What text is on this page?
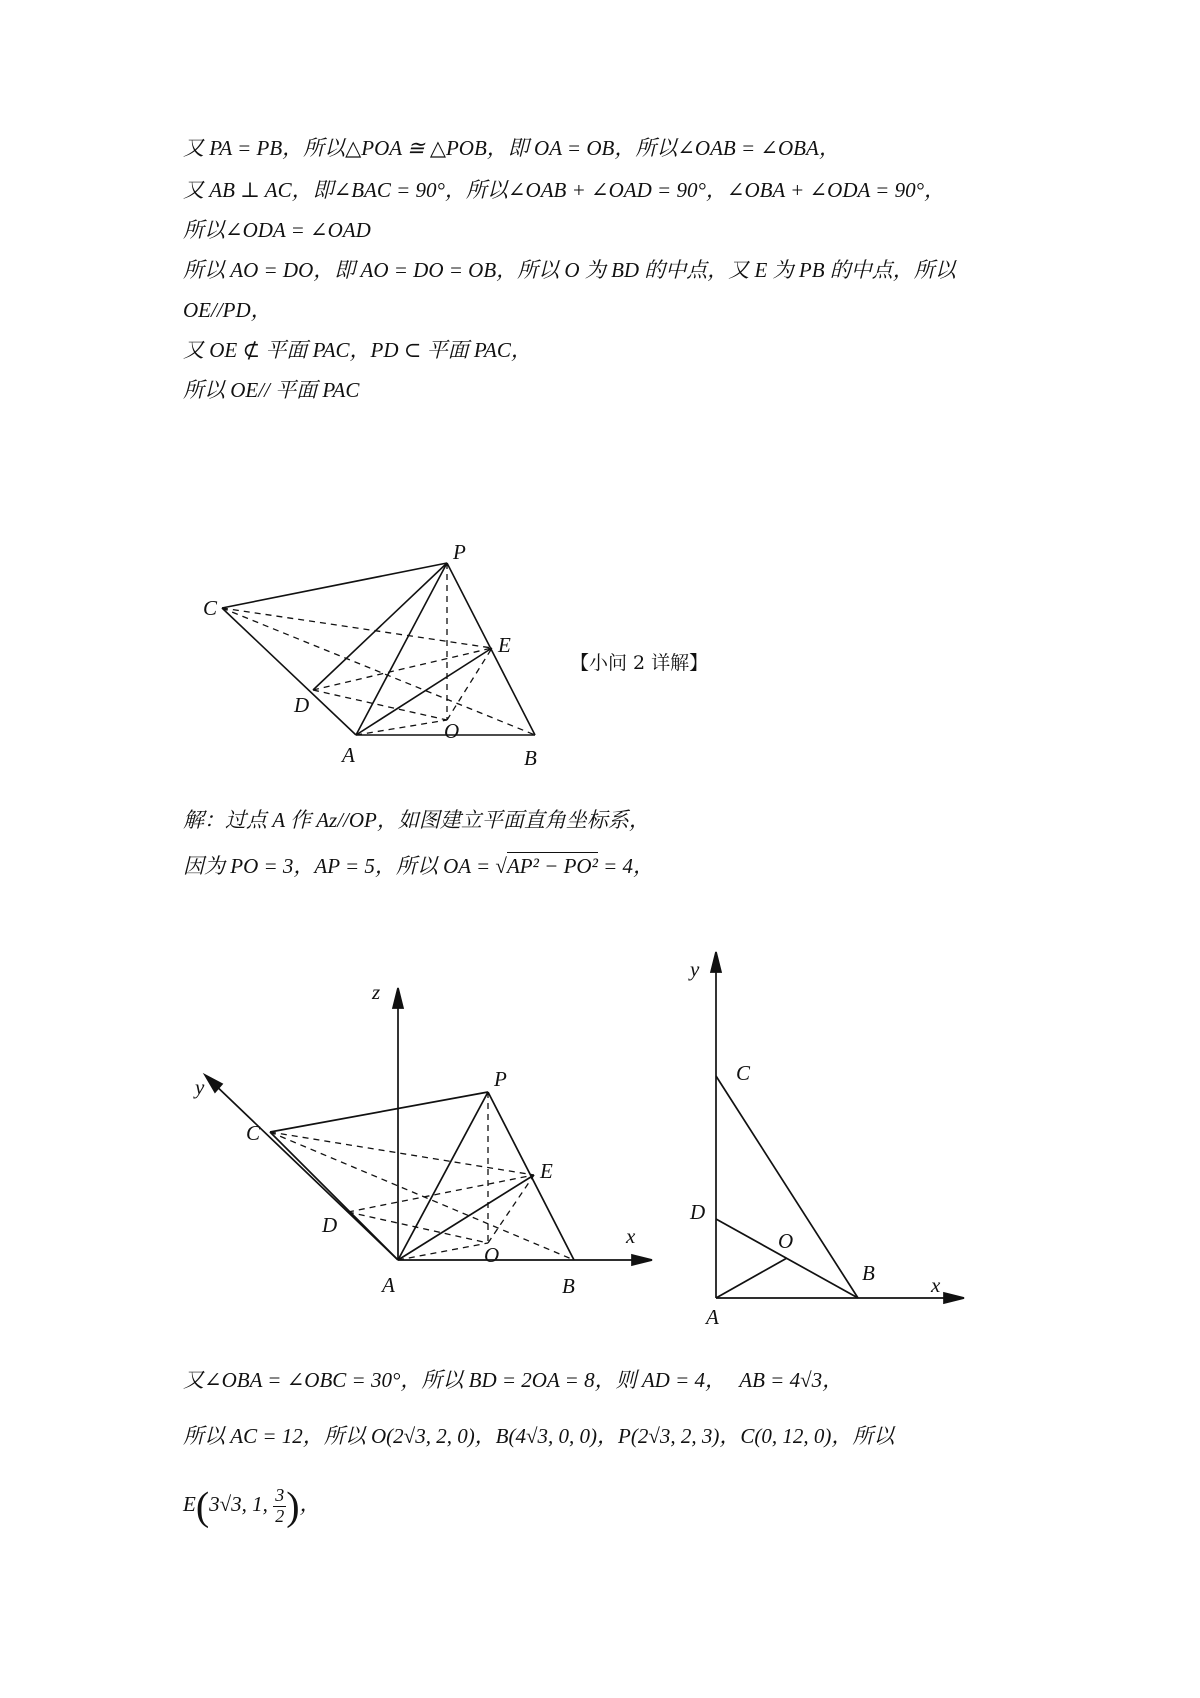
又 PA = PB，所以△POA ≅ △POB，即 OA = OB，所以∠OAB = ∠OBA，
又 AB ⊥ AC，即∠BAC = 90°，所以∠OAB + ∠OAD = 90°，∠OBA + ∠ODA = 90°，
所以∠ODA = ∠OAD
所以 AO = DO，即 AO = DO = OB，所以 O 为 BD 的中点，又 E 为 PB 的中点，所以
OE//PD，
又 OE ⊄ 平面 PAC，PD ⊂ 平面 PAC，
所以 OE// 平面 PAC
P
C
E
D
O
A	B
【小问 2 详解】
解：过点 A 作 Az//OP，如图建立平面直角坐标系，
因为 PO = 3，AP = 5，所以 OA = √AP² − PO² = 4，
z
y
x
P
C
E
D
O
A	B
y
x
C
D
O
B
A
又∠OBA = ∠OBC = 30°，所以 BD = 2OA = 8，则 AD = 4， AB = 4√3，
所以 AC = 12，所以 O(2√3, 2, 0)，B(4√3, 0, 0)，P(2√3, 2, 3)，C(0, 12, 0)，所以
E(3√3, 1, $\frac{3}{2}$ )，
